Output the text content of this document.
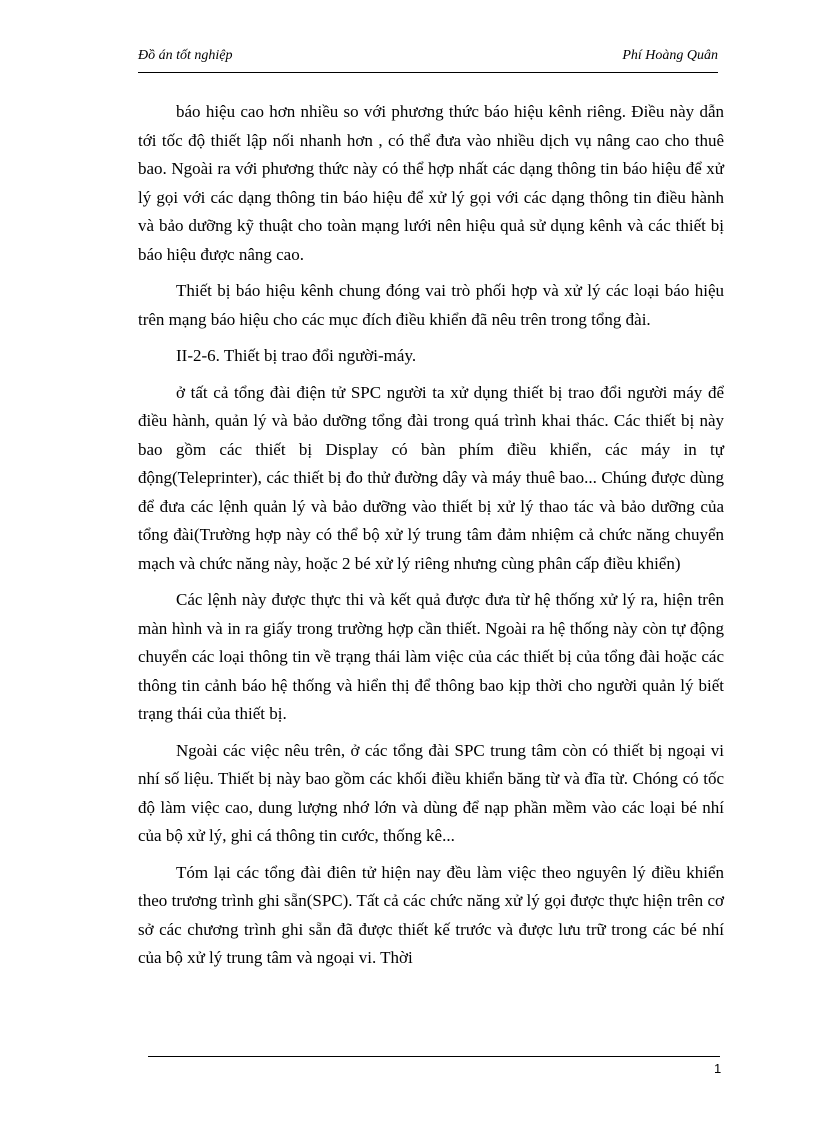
Đồ án tốt nghiệp	Phí Hoàng Quân

báo hiệu cao hơn nhiều so với phương thức báo hiệu kênh riêng. Điều này dẫn tới tốc độ thiết lập nối nhanh hơn , có thể đưa vào nhiều dịch vụ nâng cao cho thuê bao. Ngoài ra với phương thức này có thể hợp nhất các dạng thông tin báo hiệu để xử lý gọi với các dạng thông tin báo hiệu để xử lý gọi với các dạng thông tin điều hành và bảo dưỡng kỹ thuật cho toàn mạng lưới nên hiệu quả sử dụng kênh và các thiết bị báo hiệu được nâng cao.

Thiết bị báo hiệu kênh chung đóng vai trò phối hợp và xử lý các loại báo hiệu trên mạng báo hiệu cho các mục đích điều khiển đã nêu trên trong tổng đài.

II-2-6. Thiết bị trao đổi người-máy.

ở tất cả tổng đài điện tử SPC người ta xử dụng thiết bị trao đổi người máy để điều hành, quản lý và bảo dưỡng tổng đài trong quá trình khai thác. Các thiết bị này bao gồm các thiết bị Display có bàn phím điều khiển, các máy in tự động(Teleprinter), các thiết bị đo thử đường dây và máy thuê bao... Chúng được dùng để đưa các lệnh quản lý và bảo dưỡng vào thiết bị xử lý thao tác và bảo dưỡng của tổng đài(Trường hợp này có thể bộ xử lý trung tâm đảm nhiệm cả chức năng chuyển mạch và chức năng này, hoặc 2 bé xử lý riêng nhưng cùng phân cấp điều khiển)

Các lệnh này được thực thi và kết quả được đưa từ hệ thống xử lý ra, hiện trên màn hình và in ra giấy trong trường hợp cần thiết. Ngoài ra hệ thống này còn tự động chuyển các loại thông tin về trạng thái làm việc của các thiết bị của tổng đài hoặc các thông tin cảnh báo hệ thống và hiển thị để thông bao kịp thời cho người quản lý biết trạng thái của thiết bị.

Ngoài các việc nêu trên, ở các tổng đài SPC trung tâm còn có thiết bị ngoại vi nhí số liệu. Thiết bị này bao gồm các khối điều khiển băng từ và đĩa từ. Chóng có tốc độ làm việc cao, dung lượng nhớ lớn và dùng để nạp phần mềm vào các loại bé nhí của bộ xử lý, ghi cá thông tin cước, thống kê...

Tóm lại các tổng đài điên tử hiện nay đều làm việc theo nguyên lý điều khiển theo trương trình ghi sẵn(SPC). Tất cả các chức năng xử lý gọi được thực hiện trên cơ sở các chương trình ghi sẵn đã được thiết kế trước và được lưu trữ trong các bé nhí của bộ xử lý trung tâm và ngoại vi. Thời

1
